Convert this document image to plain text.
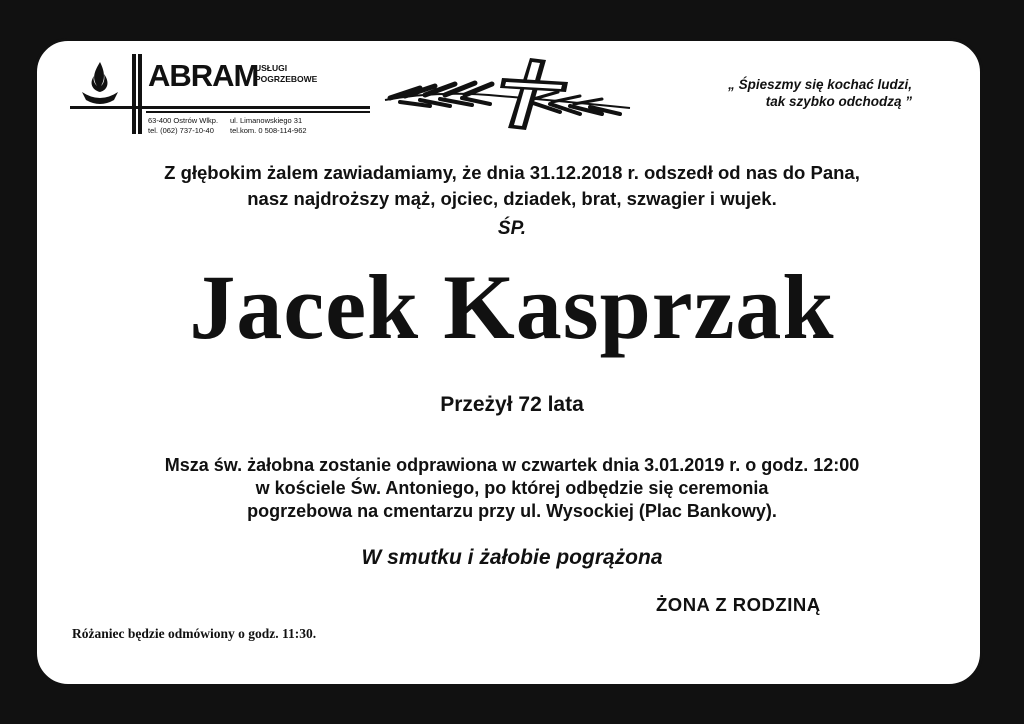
ABRAM
USŁUGI
POGRZEBOWE
63-400 Ostrów Wlkp.
tel. (062) 737-10-40
ul. Limanowskiego 31
tel.kom. 0 508-114-962
„ Śpieszmy się kochać ludzi,
tak szybko odchodzą ”
Z głębokim żalem zawiadamiamy, że dnia 31.12.2018 r. odszedł od nas do Pana,
nasz najdroższy mąż, ojciec, dziadek, brat, szwagier i wujek.
ŚP.
Jacek Kasprzak
Przeżył 72 lata
Msza św. żałobna zostanie odprawiona w czwartek dnia 3.01.2019 r. o godz. 12:00
w kościele Św. Antoniego, po której odbędzie się ceremonia
pogrzebowa na cmentarzu przy ul. Wysockiej (Plac Bankowy).
W smutku i żałobie pogrążona
ŻONA Z RODZINĄ
Różaniec będzie odmówiony o godz. 11:30.
